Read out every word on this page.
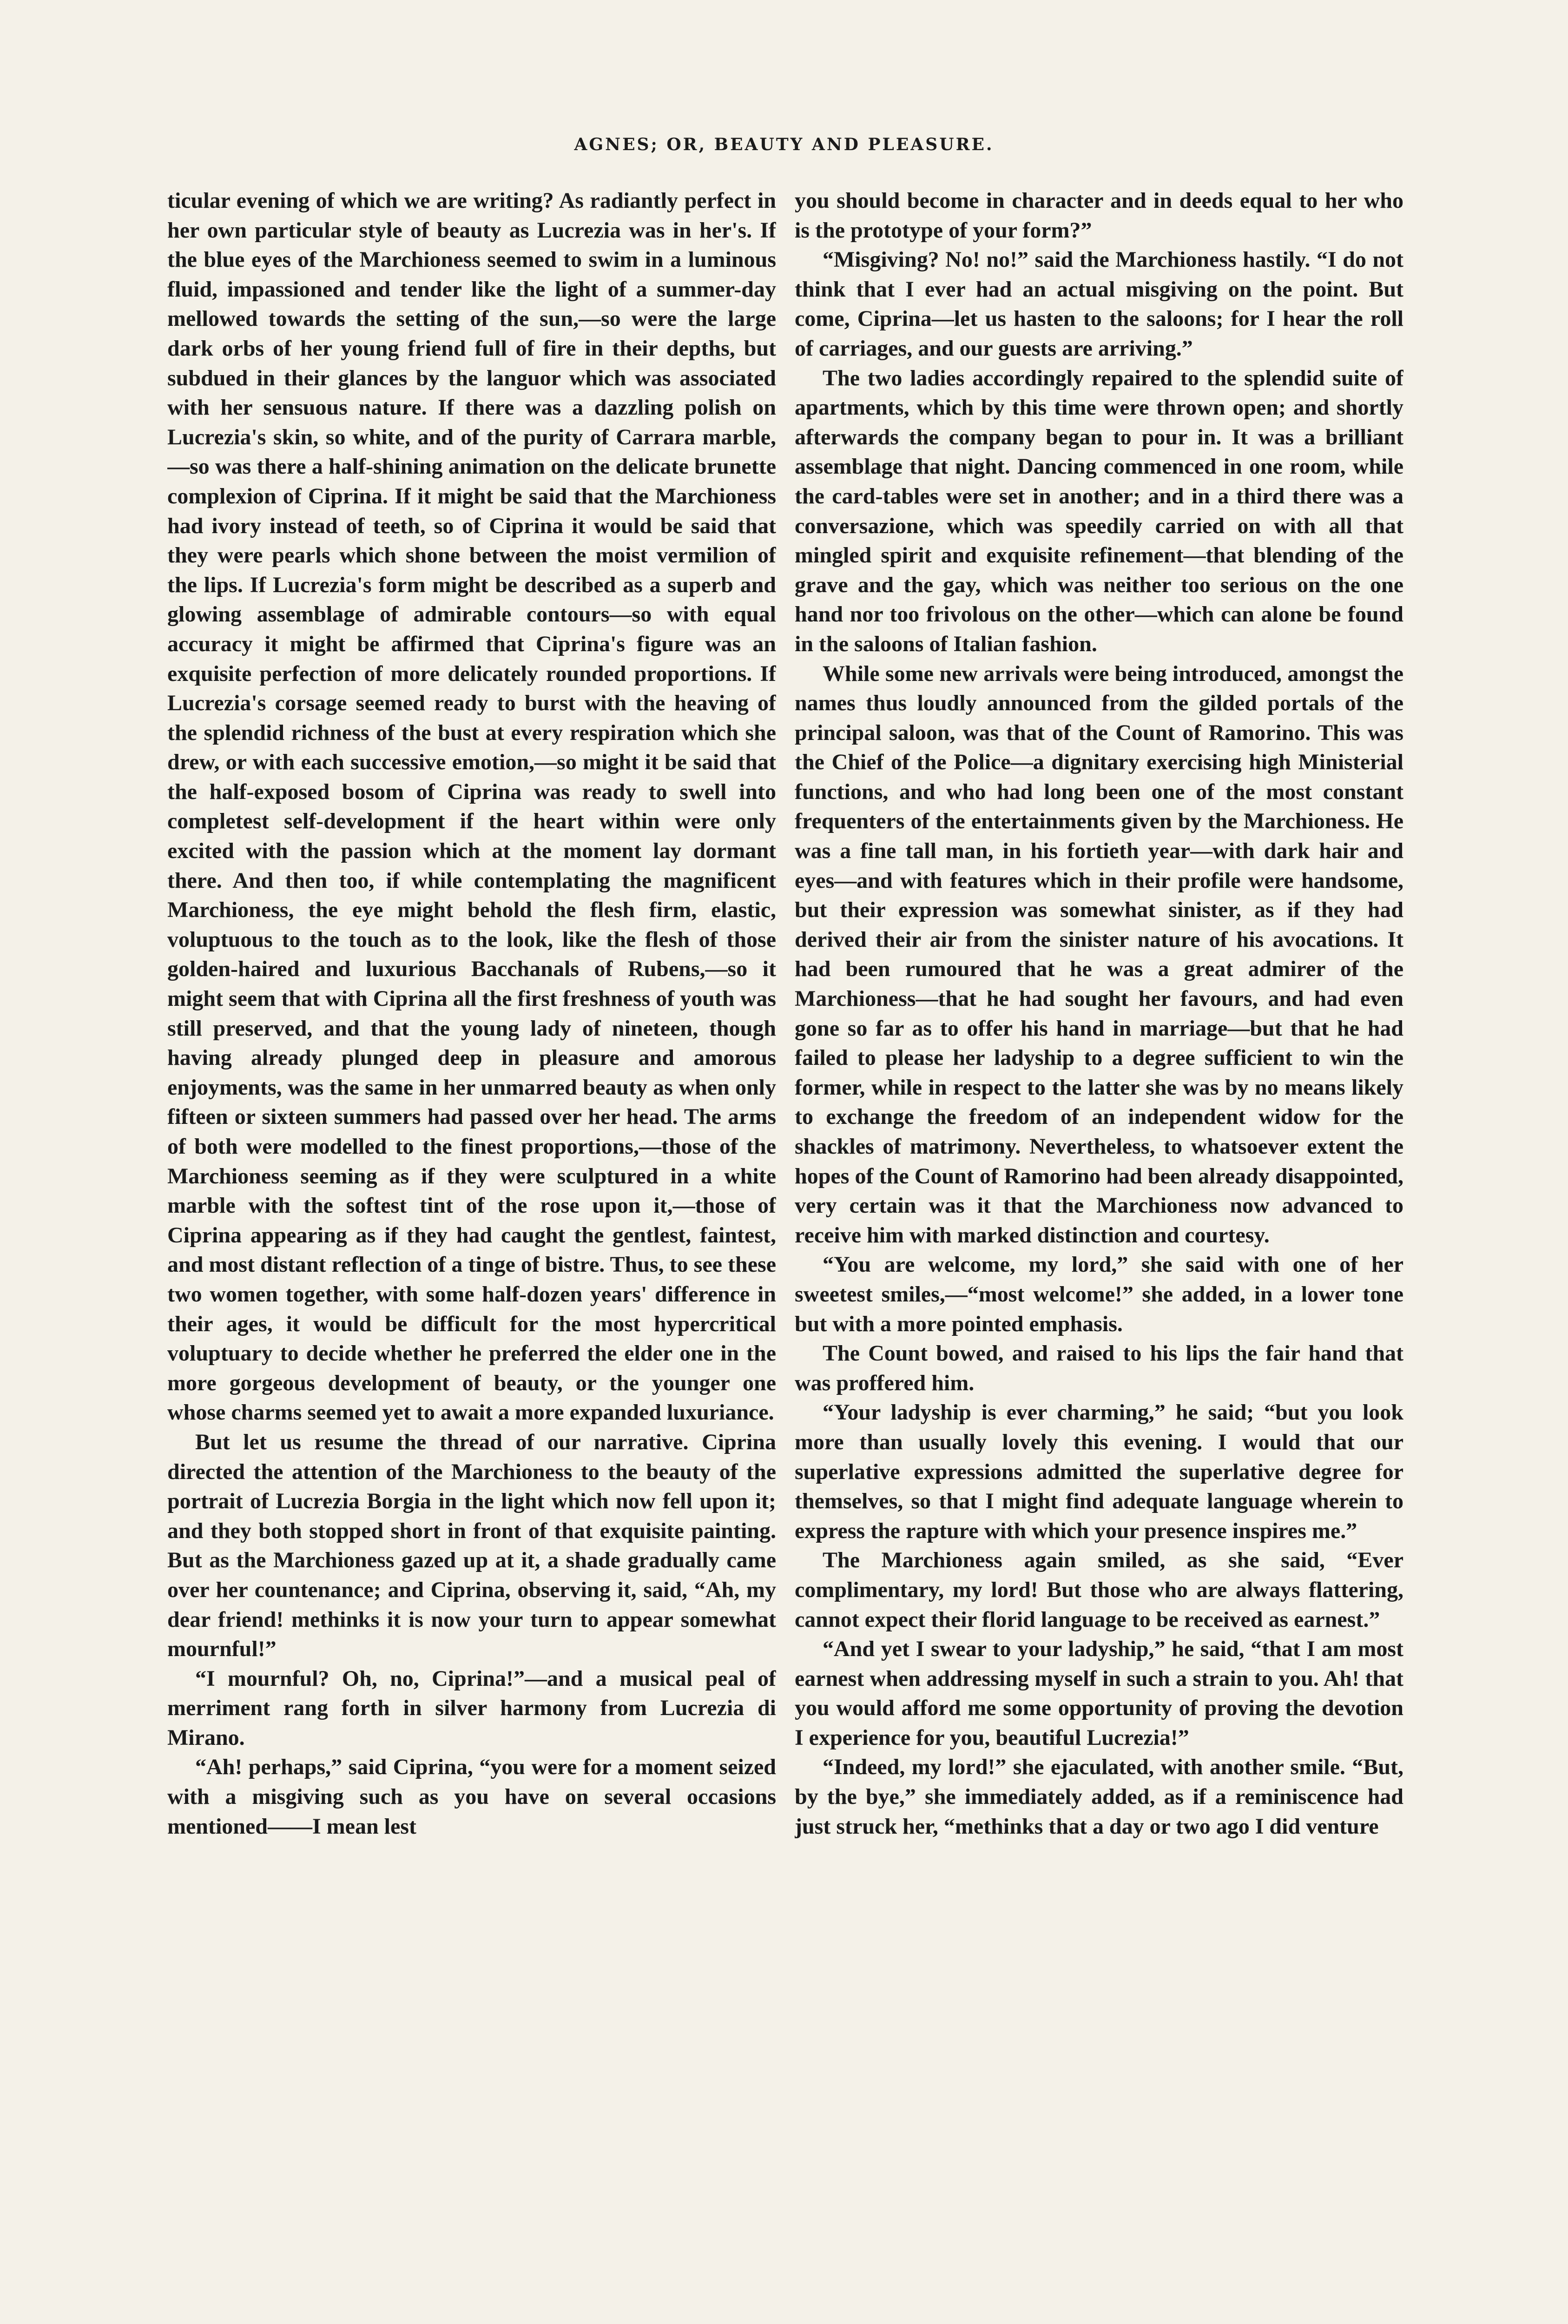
AGNES; OR, BEAUTY AND PLEASURE.

ticular evening of which we are writing? As radiantly perfect in her own particular style of beauty as Lucrezia was in her's. If the blue eyes of the Marchioness seemed to swim in a luminous fluid, impassioned and tender like the light of a summer-day mellowed towards the setting of the sun,—so were the large dark orbs of her young friend full of fire in their depths, but subdued in their glances by the languor which was associated with her sensuous nature. If there was a dazzling polish on Lucrezia's skin, so white, and of the purity of Carrara marble,—so was there a half-shining animation on the delicate brunette complexion of Ciprina. If it might be said that the Marchioness had ivory instead of teeth, so of Ciprina it would be said that they were pearls which shone between the moist vermilion of the lips. If Lucrezia's form might be described as a superb and glowing assemblage of admirable contours—so with equal accuracy it might be affirmed that Ciprina's figure was an exquisite perfection of more delicately rounded proportions. If Lucrezia's corsage seemed ready to burst with the heaving of the splendid richness of the bust at every respiration which she drew, or with each successive emotion,—so might it be said that the half-exposed bosom of Ciprina was ready to swell into completest self-development if the heart within were only excited with the passion which at the moment lay dormant there. And then too, if while contemplating the magnificent Marchioness, the eye might behold the flesh firm, elastic, voluptuous to the touch as to the look, like the flesh of those golden-haired and luxurious Bacchanals of Rubens,—so it might seem that with Ciprina all the first freshness of youth was still preserved, and that the young lady of nineteen, though having already plunged deep in pleasure and amorous enjoyments, was the same in her unmarred beauty as when only fifteen or sixteen summers had passed over her head. The arms of both were modelled to the finest proportions,—those of the Marchioness seeming as if they were sculptured in a white marble with the softest tint of the rose upon it,—those of Ciprina appearing as if they had caught the gentlest, faintest, and most distant reflection of a tinge of bistre. Thus, to see these two women together, with some half-dozen years' difference in their ages, it would be difficult for the most hypercritical voluptuary to decide whether he preferred the elder one in the more gorgeous development of beauty, or the younger one whose charms seemed yet to await a more expanded luxuriance.

But let us resume the thread of our narrative. Ciprina directed the attention of the Marchioness to the beauty of the portrait of Lucrezia Borgia in the light which now fell upon it; and they both stopped short in front of that exquisite painting. But as the Marchioness gazed up at it, a shade gradually came over her countenance; and Ciprina, observing it, said, “Ah, my dear friend! methinks it is now your turn to appear somewhat mournful!”

“I mournful? Oh, no, Ciprina!”—and a musical peal of merriment rang forth in silver harmony from Lucrezia di Mirano.

“Ah! perhaps,” said Ciprina, “you were for a moment seized with a misgiving such as you have on several occasions mentioned——I mean lest

you should become in character and in deeds equal to her who is the prototype of your form?”

“Misgiving? No! no!” said the Marchioness hastily. “I do not think that I ever had an actual misgiving on the point. But come, Ciprina—let us hasten to the saloons; for I hear the roll of carriages, and our guests are arriving.”

The two ladies accordingly repaired to the splendid suite of apartments, which by this time were thrown open; and shortly afterwards the company began to pour in. It was a brilliant assemblage that night. Dancing commenced in one room, while the card-tables were set in another; and in a third there was a conversazione, which was speedily carried on with all that mingled spirit and exquisite refinement—that blending of the grave and the gay, which was neither too serious on the one hand nor too frivolous on the other—which can alone be found in the saloons of Italian fashion.

While some new arrivals were being introduced, amongst the names thus loudly announced from the gilded portals of the principal saloon, was that of the Count of Ramorino. This was the Chief of the Police—a dignitary exercising high Ministerial functions, and who had long been one of the most constant frequenters of the entertainments given by the Marchioness. He was a fine tall man, in his fortieth year—with dark hair and eyes—and with features which in their profile were handsome, but their expression was somewhat sinister, as if they had derived their air from the sinister nature of his avocations. It had been rumoured that he was a great admirer of the Marchioness—that he had sought her favours, and had even gone so far as to offer his hand in marriage—but that he had failed to please her ladyship to a degree sufficient to win the former, while in respect to the latter she was by no means likely to exchange the freedom of an independent widow for the shackles of matrimony. Nevertheless, to whatsoever extent the hopes of the Count of Ramorino had been already disappointed, very certain was it that the Marchioness now advanced to receive him with marked distinction and courtesy.

“You are welcome, my lord,” she said with one of her sweetest smiles,—“most welcome!” she added, in a lower tone but with a more pointed emphasis.

The Count bowed, and raised to his lips the fair hand that was proffered him.

“Your ladyship is ever charming,” he said; “but you look more than usually lovely this evening. I would that our superlative expressions admitted the superlative degree for themselves, so that I might find adequate language wherein to express the rapture with which your presence inspires me.”

The Marchioness again smiled, as she said, “Ever complimentary, my lord! But those who are always flattering, cannot expect their florid language to be received as earnest.”

“And yet I swear to your ladyship,” he said, “that I am most earnest when addressing myself in such a strain to you. Ah! that you would afford me some opportunity of proving the devotion I experience for you, beautiful Lucrezia!”

“Indeed, my lord!” she ejaculated, with another smile. “But, by the bye,” she immediately added, as if a reminiscence had just struck her, “methinks that a day or two ago I did venture
